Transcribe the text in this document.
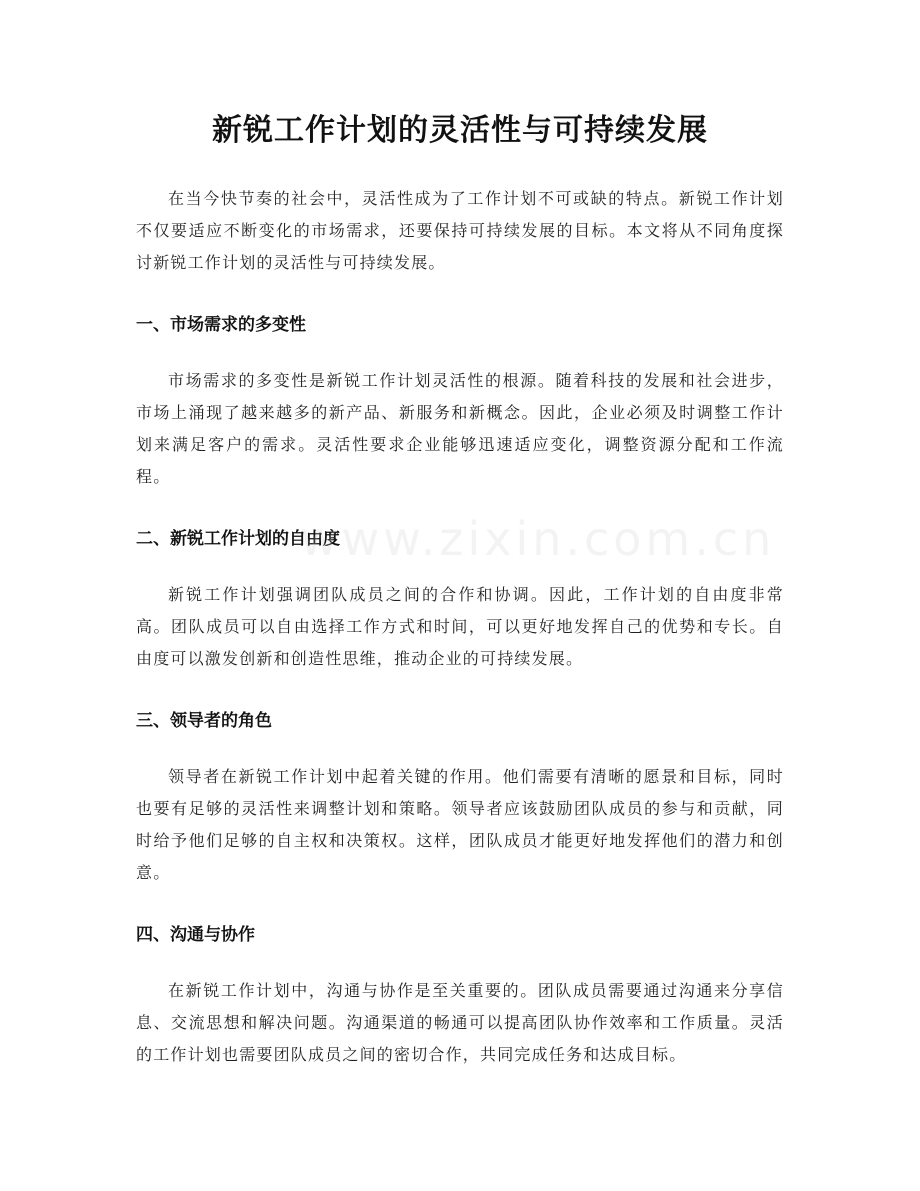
新锐工作计划的灵活性与可持续发展

在当今快节奏的社会中，灵活性成为了工作计划不可或缺的特点。新锐工作计划不仅要适应不断变化的市场需求，还要保持可持续发展的目标。本文将从不同角度探讨新锐工作计划的灵活性与可持续发展。

一、市场需求的多变性

市场需求的多变性是新锐工作计划灵活性的根源。随着科技的发展和社会进步，市场上涌现了越来越多的新产品、新服务和新概念。因此，企业必须及时调整工作计划来满足客户的需求。灵活性要求企业能够迅速适应变化，调整资源分配和工作流程。

二、新锐工作计划的自由度

新锐工作计划强调团队成员之间的合作和协调。因此，工作计划的自由度非常高。团队成员可以自由选择工作方式和时间，可以更好地发挥自己的优势和专长。自由度可以激发创新和创造性思维，推动企业的可持续发展。

三、领导者的角色

领导者在新锐工作计划中起着关键的作用。他们需要有清晰的愿景和目标，同时也要有足够的灵活性来调整计划和策略。领导者应该鼓励团队成员的参与和贡献，同时给予他们足够的自主权和决策权。这样，团队成员才能更好地发挥他们的潜力和创意。

四、沟通与协作

在新锐工作计划中，沟通与协作是至关重要的。团队成员需要通过沟通来分享信息、交流思想和解决问题。沟通渠道的畅通可以提高团队协作效率和工作质量。灵活的工作计划也需要团队成员之间的密切合作，共同完成任务和达成目标。

www.zixin.com.cn
